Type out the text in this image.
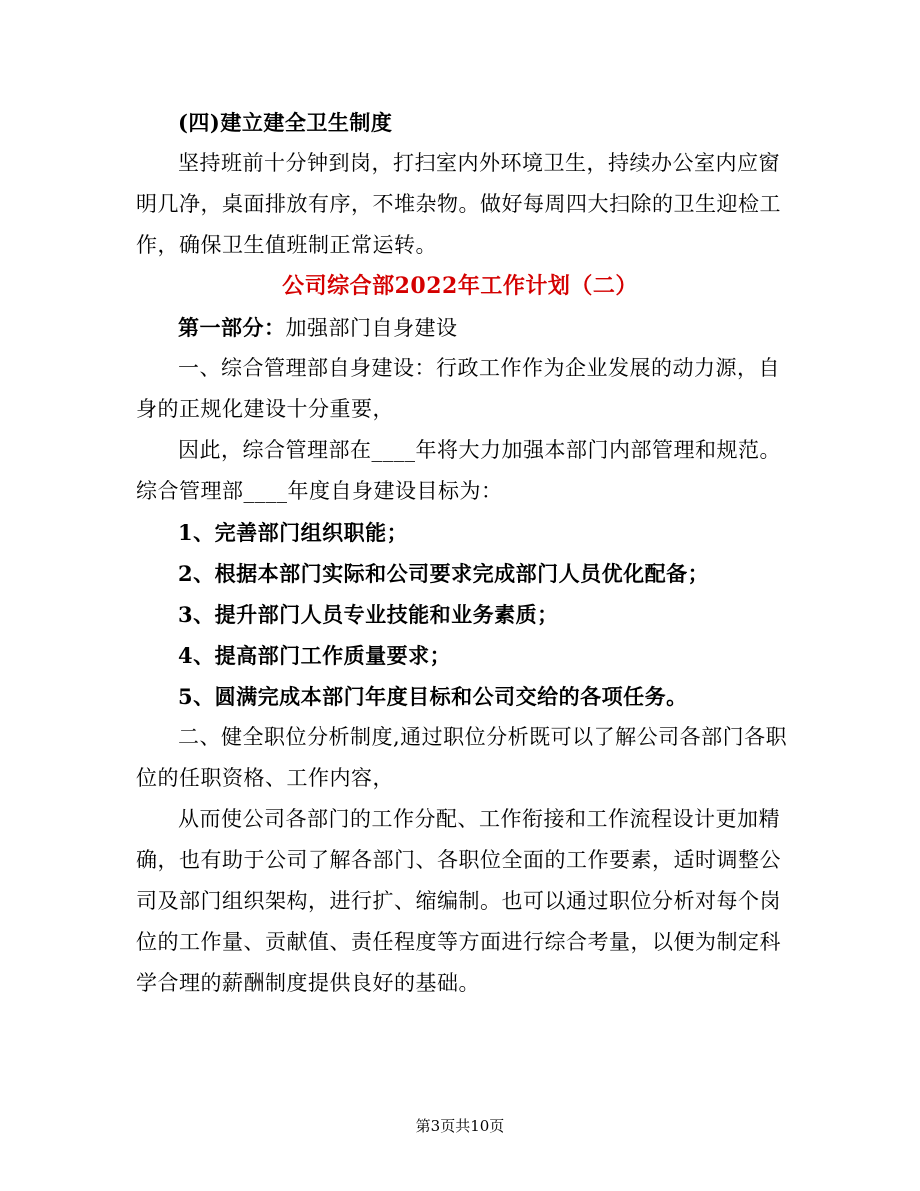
(四)建立建全卫生制度
坚持班前十分钟到岗，打扫室内外环境卫生，持续办公室内应窗
明几净，桌面排放有序，不堆杂物。做好每周四大扫除的卫生迎检工
作，确保卫生值班制正常运转。
公司综合部2022年工作计划（二）
第一部分：加强部门自身建设
一、综合管理部自身建设：行政工作作为企业发展的动力源，自
身的正规化建设十分重要，
因此，综合管理部在____年将大力加强本部门内部管理和规范。
综合管理部____年度自身建设目标为：
1、完善部门组织职能；
2、根据本部门实际和公司要求完成部门人员优化配备；
3、提升部门人员专业技能和业务素质；
4、提高部门工作质量要求；
5、圆满完成本部门年度目标和公司交给的各项任务。
二、健全职位分析制度,通过职位分析既可以了解公司各部门各职
位的任职资格、工作内容，
从而使公司各部门的工作分配、工作衔接和工作流程设计更加精
确，也有助于公司了解各部门、各职位全面的工作要素，适时调整公
司及部门组织架构，进行扩、缩编制。也可以通过职位分析对每个岗
位的工作量、贡献值、责任程度等方面进行综合考量，以便为制定科
学合理的薪酬制度提供良好的基础。
第3页共10页
